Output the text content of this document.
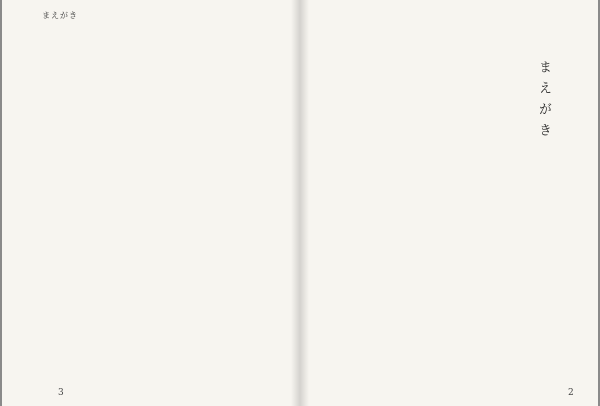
まえがき
3
まえがき
2
